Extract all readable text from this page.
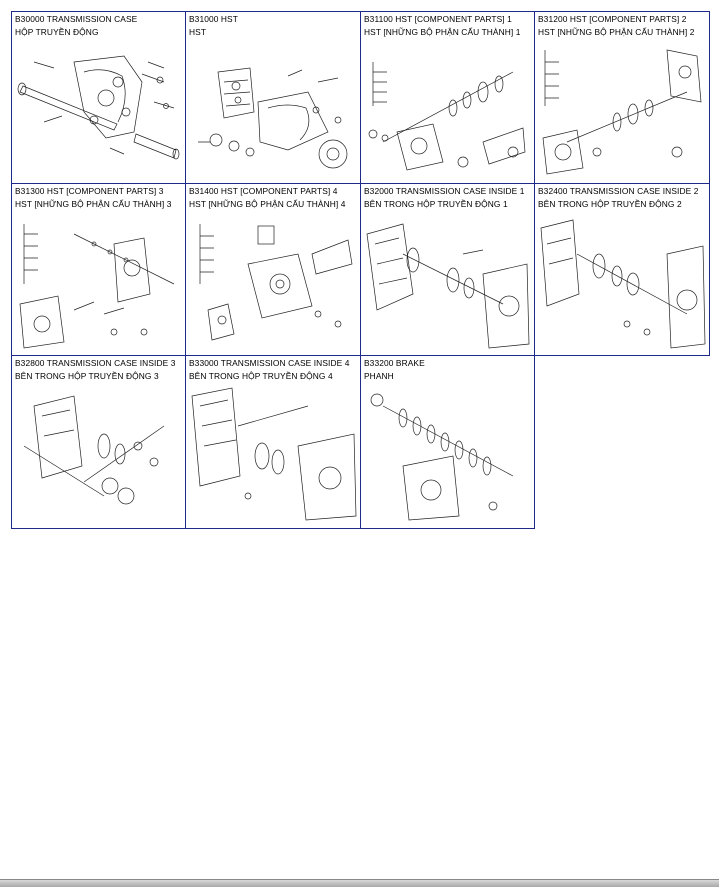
B30000 TRANSMISSION CASE
HỘP TRUYỀN ĐỘNG
B31000 HST
HST
B31100 HST [COMPONENT PARTS] 1
HST [NHỮNG BỘ PHẬN CẤU THÀNH] 1
B31200 HST [COMPONENT PARTS] 2
HST [NHỮNG BỘ PHẬN CẤU THÀNH] 2
B31300 HST [COMPONENT PARTS] 3
HST [NHỮNG BỘ PHẬN CẤU THÀNH] 3
B31400 HST [COMPONENT PARTS] 4
HST [NHỮNG BỘ PHẬN CẤU THÀNH] 4
B32000 TRANSMISSION CASE INSIDE 1
BÊN TRONG HỘP TRUYỀN ĐỘNG 1
B32400 TRANSMISSION CASE INSIDE 2
BÊN TRONG HỘP TRUYỀN ĐỘNG 2
B32800 TRANSMISSION CASE INSIDE 3
BÊN TRONG HỘP TRUYỀN ĐỘNG 3
B33000 TRANSMISSION CASE INSIDE 4
BÊN TRONG HỘP TRUYỀN ĐỘNG 4
B33200 BRAKE
PHANH
